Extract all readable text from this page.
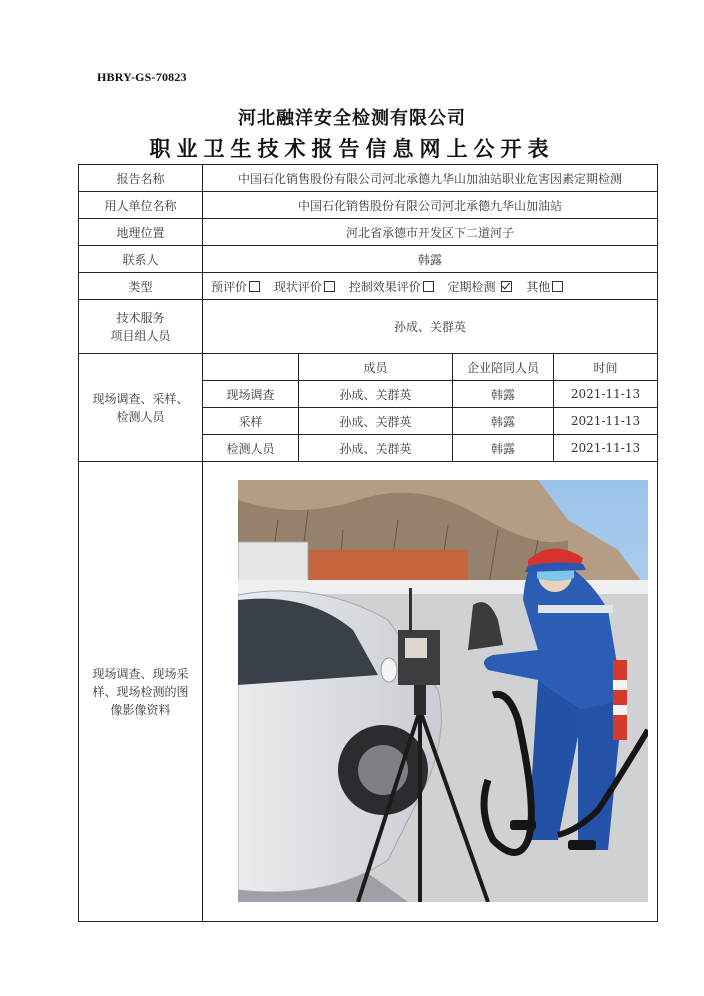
HBRY-GS-70823
河北融洋安全检测有限公司
职业卫生技术报告信息网上公开表
报告名称	中国石化销售股份有限公司河北承德九华山加油站职业危害因素定期检测			
用人单位名称	中国石化销售股份有限公司河北承德九华山加油站			
地理位置	河北省承德市开发区下二道河子			
联系人	韩露			
类型	预评价 现状评价 控制效果评价 定期检测 其他			

技术服务
项目组人员	孙成、关群英			

现场调查、采样、
检测人员		成员	企业陪同人员	时间
	现场调查	孙成、关群英	韩露	2021-11-13
	采样	孙成、关群英	韩露	2021-11-13
	检测人员	孙成、关群英	韩露	2021-11-13

现场调查、现场采
样、现场检测的图
像影像资料
